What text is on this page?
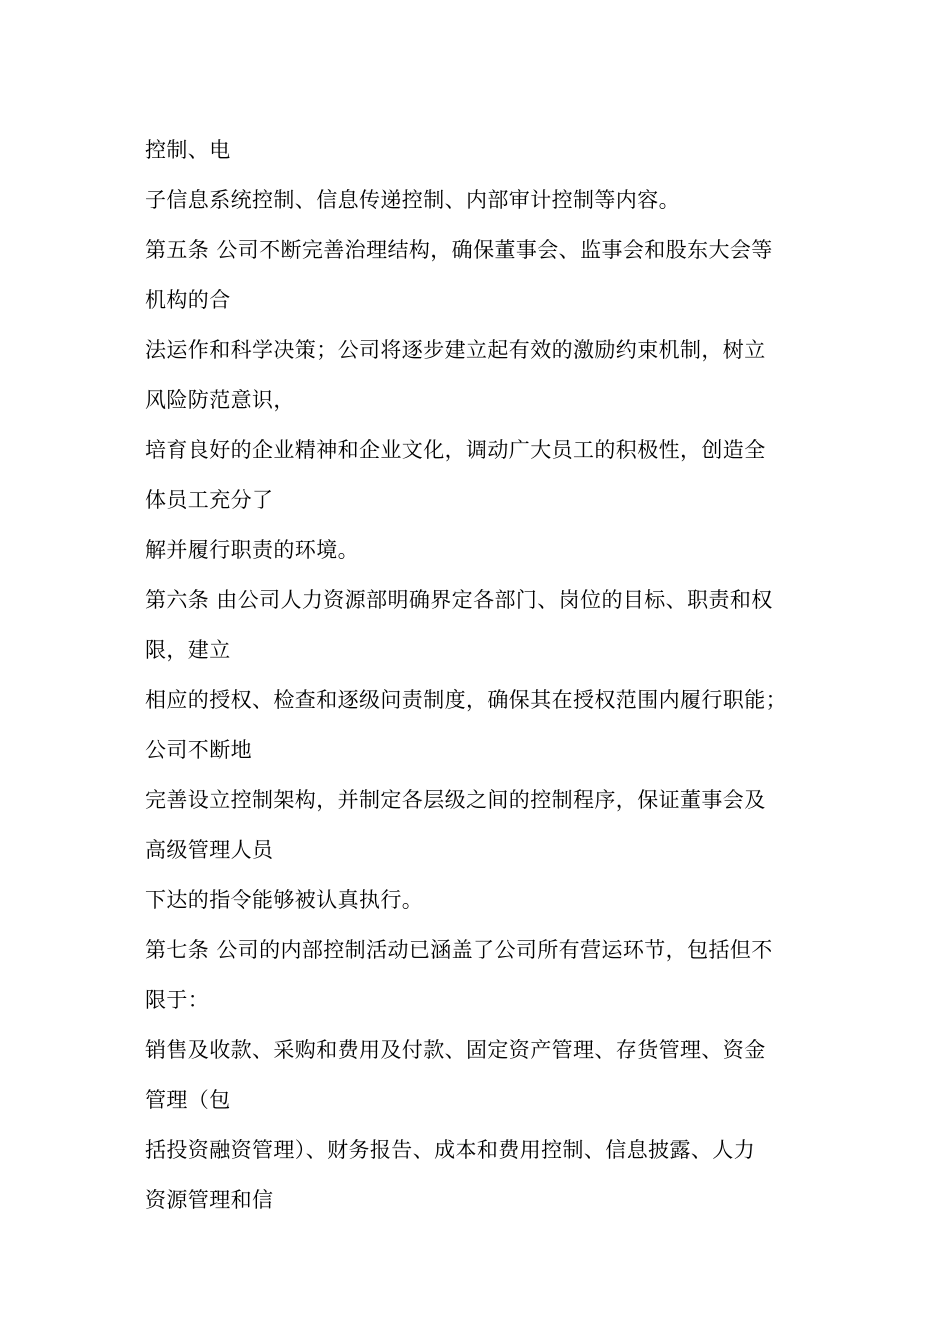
控制、电
子信息系统控制、信息传递控制、内部审计控制等内容。
第五条 公司不断完善治理结构，确保董事会、监事会和股东大会等
机构的合
法运作和科学决策；公司将逐步建立起有效的激励约束机制，树立
风险防范意识，
培育良好的企业精神和企业文化，调动广大员工的积极性，创造全
体员工充分了
解并履行职责的环境。
第六条 由公司人力资源部明确界定各部门、岗位的目标、职责和权
限，建立
相应的授权、检查和逐级问责制度，确保其在授权范围内履行职能；
公司不断地
完善设立控制架构，并制定各层级之间的控制程序，保证董事会及
高级管理人员
下达的指令能够被认真执行。
第七条 公司的内部控制活动已涵盖了公司所有营运环节，包括但不
限于：
销售及收款、采购和费用及付款、固定资产管理、存货管理、资金
管理（包
括投资融资管理）、财务报告、成本和费用控制、信息披露、人力
资源管理和信
